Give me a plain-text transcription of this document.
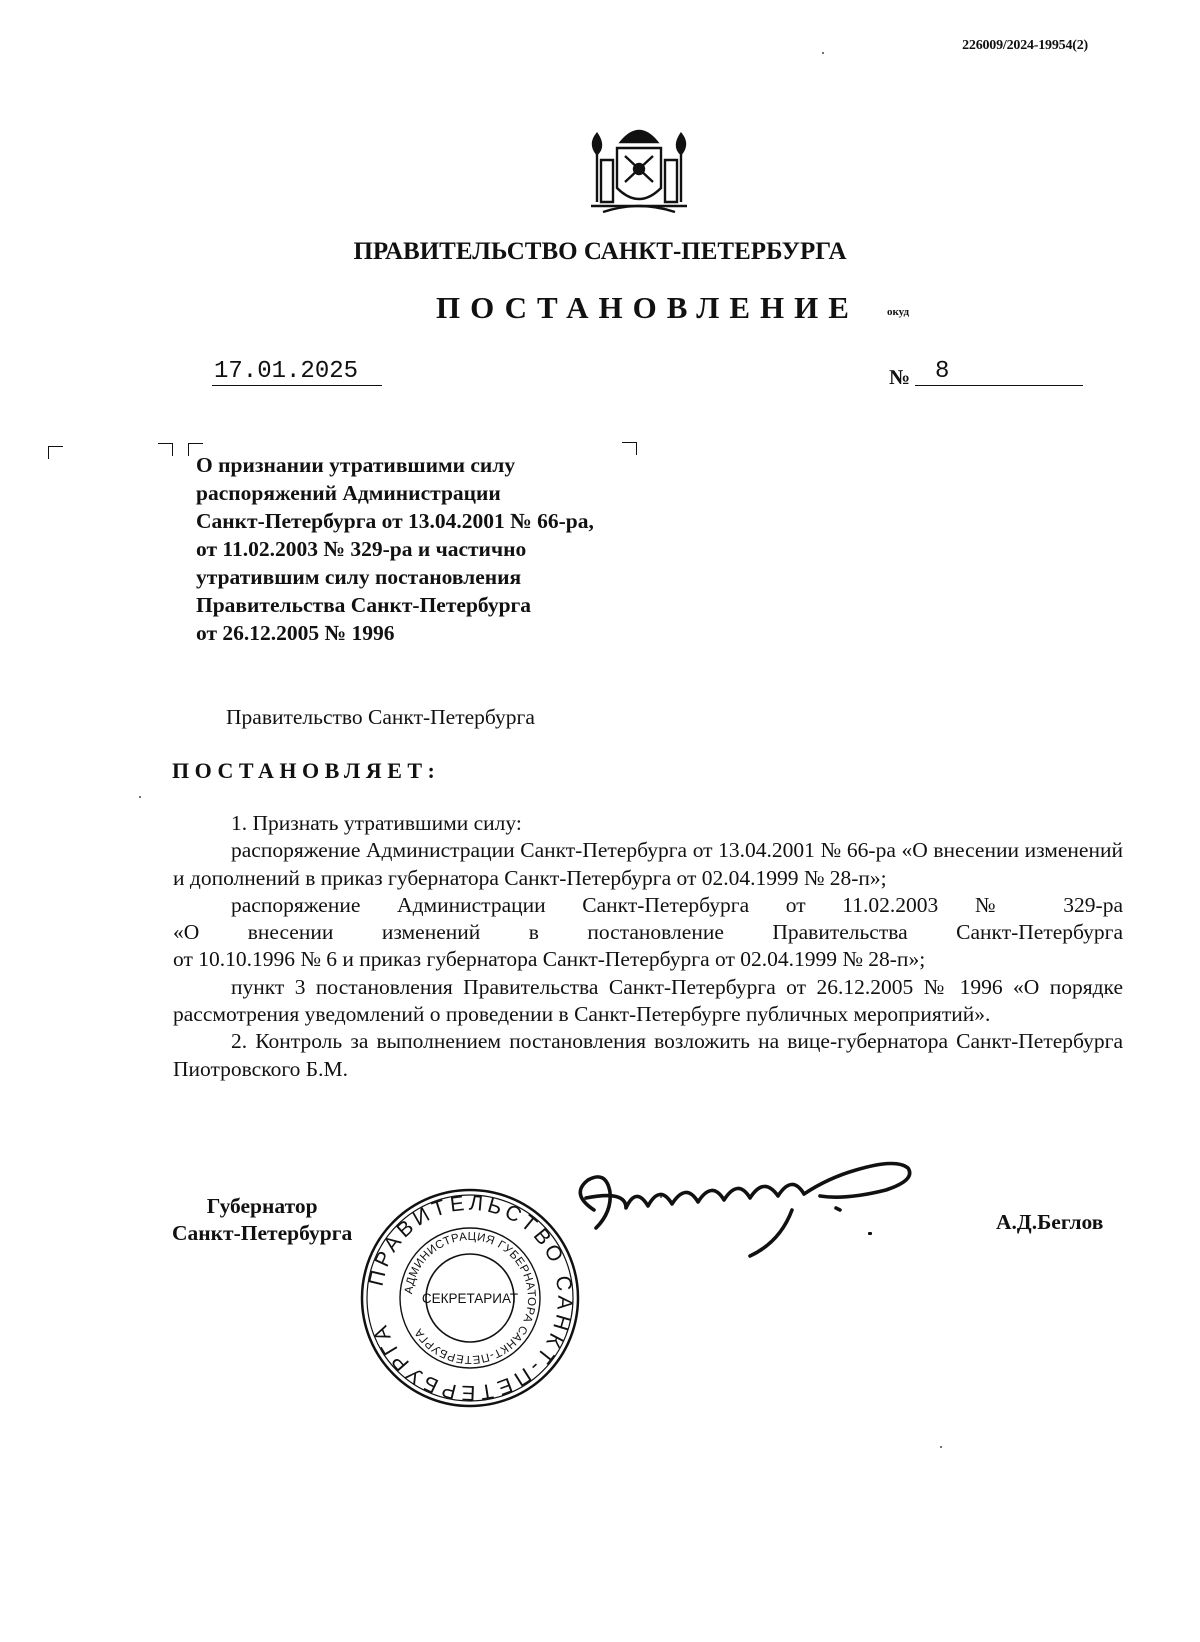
226009/2024-19954(2)
ПРАВИТЕЛЬСТВО САНКТ-ПЕТЕРБУРГА
ПОСТАНОВЛЕНИЕ	окуд
17.01.2025	№	8
О признании утратившими силу
распоряжений Администрации
Санкт-Петербурга от 13.04.2001 № 66-ра,
от 11.02.2003 № 329-ра и частично
утратившим силу постановления
Правительства Санкт-Петербурга
от 26.12.2005 № 1996
Правительство Санкт-Петербурга
ПОСТАНОВЛЯЕТ:
1. Признать утратившими силу:
распоряжение Администрации Санкт-Петербурга от 13.04.2001 № 66-ра «О внесении изменений и дополнений в приказ губернатора Санкт-Петербурга от 02.04.1999 № 28-п»;
распоряжение Администрации Санкт-Петербурга от 11.02.2003 № 329-ра
«О внесении изменений в постановление Правительства Санкт-Петербурга
от 10.10.1996 № 6 и приказ губернатора Санкт-Петербурга от 02.04.1999 № 28-п»;
пункт 3 постановления Правительства Санкт-Петербурга от 26.12.2005 № 1996 «О порядке рассмотрения уведомлений о проведении в Санкт-Петербурге публичных мероприятий».
2. Контроль за выполнением постановления возложить на вице-губернатора Санкт-Петербурга Пиотровского Б.М.
Губернатор
Санкт-Петербурга
ПРАВИТЕЛЬСТВО САНКТ-ПЕТЕРБУРГА
АДМИНИСТРАЦИЯ ГУБЕРНАТОРА САНКТ-ПЕТЕРБУРГА
СЕКРЕТАРИАТ
А.Д.Беглов
